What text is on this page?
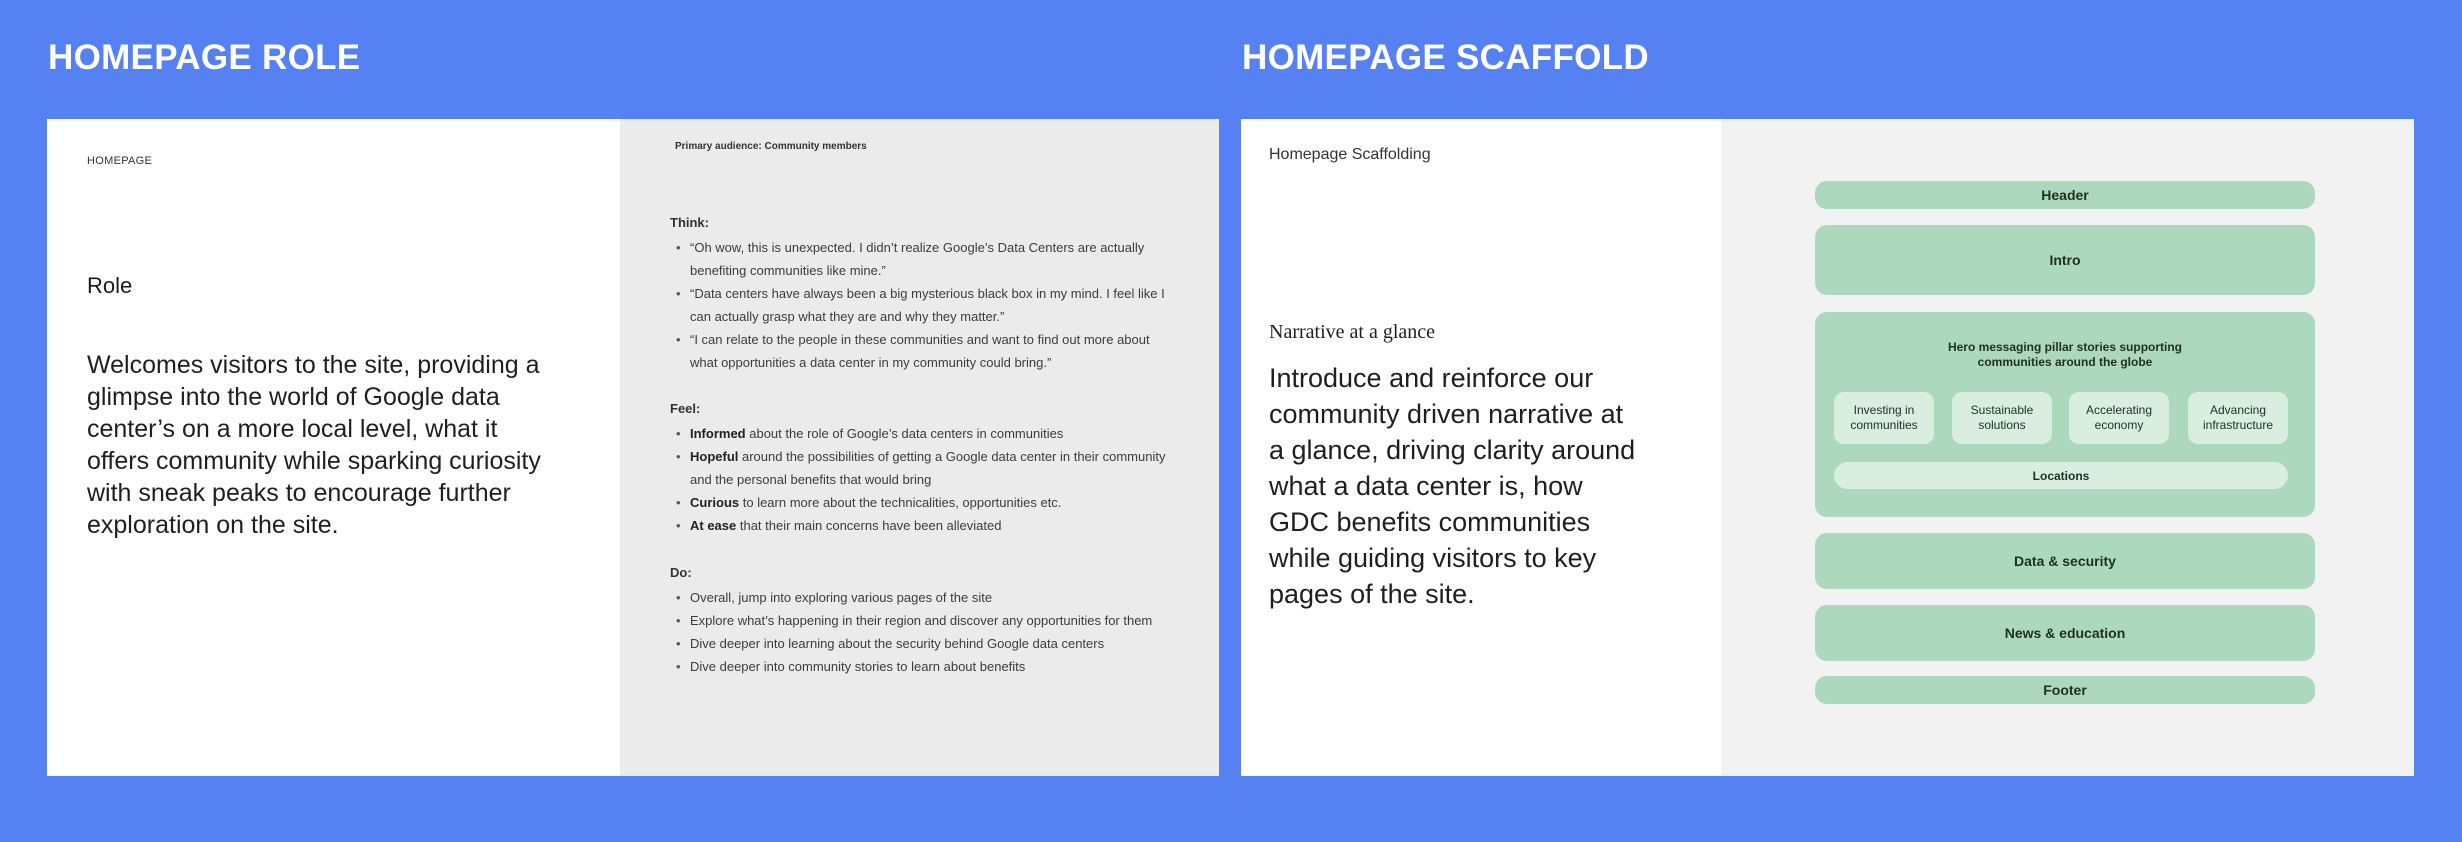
HOMEPAGE ROLE	HOMEPAGE SCAFFOLD
HOMEPAGE
Role
Welcomes visitors to the site, providing a glimpse into the world of Google data center’s on a more local level, what it offers community while sparking curiosity with sneak peaks to encourage further exploration on the site.
Primary audience: Community members
Think:
• “Oh wow, this is unexpected. I didn’t realize Google’s Data Centers are actually benefiting communities like mine.”
• “Data centers have always been a big mysterious black box in my mind. I feel like I can actually grasp what they are and why they matter.”
• “I can relate to the people in these communities and want to find out more about what opportunities a data center in my community could bring.”
Feel:
• Informed about the role of Google’s data centers in communities
• Hopeful around the possibilities of getting a Google data center in their community and the personal benefits that would bring
• Curious to learn more about the technicalities, opportunities etc.
• At ease that their main concerns have been alleviated
Do:
• Overall, jump into exploring various pages of the site
• Explore what’s happening in their region and discover any opportunities for them
• Dive deeper into learning about the security behind Google data centers
• Dive deeper into community stories to learn about benefits
Homepage Scaffolding
Narrative at a glance
Introduce and reinforce our community driven narrative at a glance, driving clarity around what a data center is, how GDC benefits communities while guiding visitors to key pages of the site.
Header
Intro
Hero messaging pillar stories supporting
communities around the globe
Investing in
communities
Sustainable
solutions
Accelerating
economy
Advancing
infrastructure
Locations
Data & security
News & education
Footer
